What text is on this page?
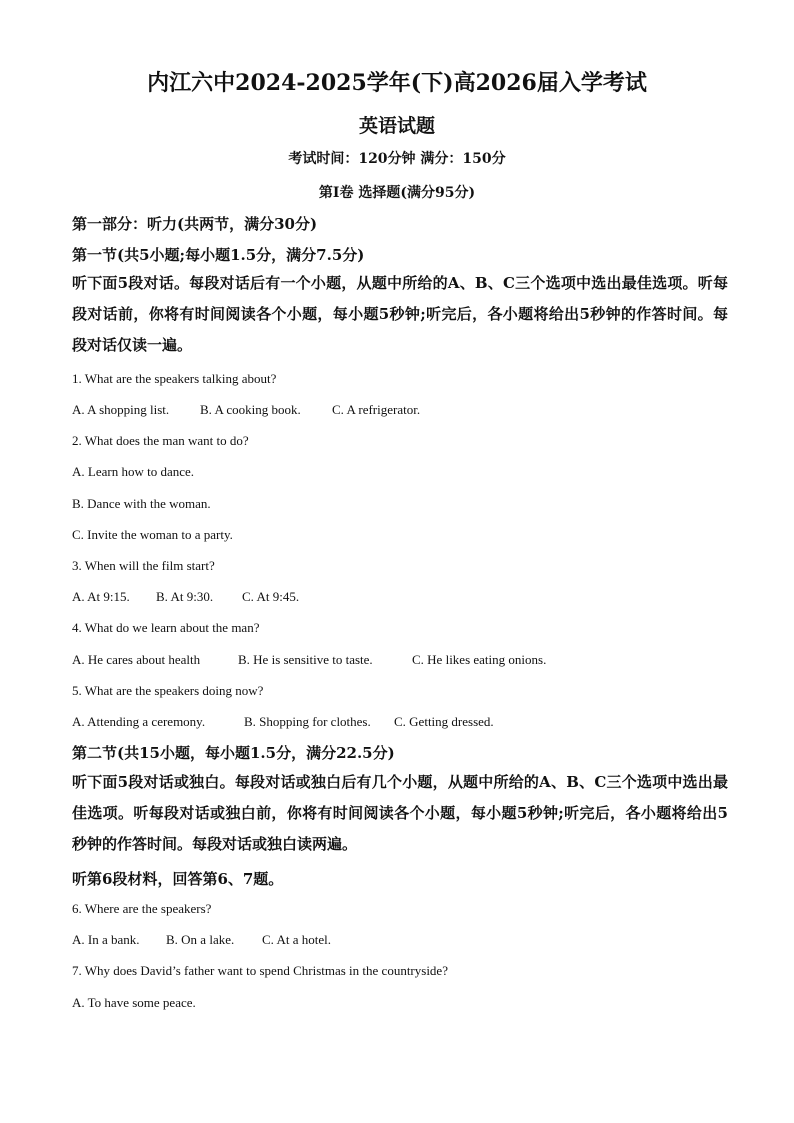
内江六中2024-2025学年(下)高2026届入学考试
英语试题
考试时间：120分钟 满分：150分
第Ⅰ卷 选择题(满分95分)
第一部分：听力(共两节，满分30分)
第一节(共5小题;每小题1.5分，满分7.5分)
听下面5段对话。每段对话后有一个小题，从题中所给的A、B、C三个选项中选出最佳选项。听每段对话前，你将有时间阅读各个小题，每小题5秒钟;听完后，各小题将给出5秒钟的作答时间。每段对话仅读一遍。
1. What are the speakers talking about?
A. A shopping list. B. A cooking book. C. A refrigerator.
2. What does the man want to do?
A. Learn how to dance.
B. Dance with the woman.
C. Invite the woman to a party.
3. When will the film start?
A. At 9:15. B. At 9:30. C. At 9:45.
4. What do we learn about the man?
A. He cares about health	B. He is sensitive to taste.	C. He likes eating onions.
5. What are the speakers doing now?
A. Attending a ceremony.	B. Shopping for clothes. C. Getting dressed.
第二节(共15小题，每小题1.5分，满分22.5分)
听下面5段对话或独白。每段对话或独白后有几个小题，从题中所给的A、B、C三个选项中选出最佳选项。听每段对话或独白前，你将有时间阅读各个小题，每小题5秒钟;听完后，各小题将给出5秒钟的作答时间。每段对话或独白读两遍。
听第6段材料，回答第6、7题。
6. Where are the speakers?
A. In a bank. B. On a lake. C. At a hotel.
7. Why does David’s father want to spend Christmas in the countryside?
A. To have some peace.
